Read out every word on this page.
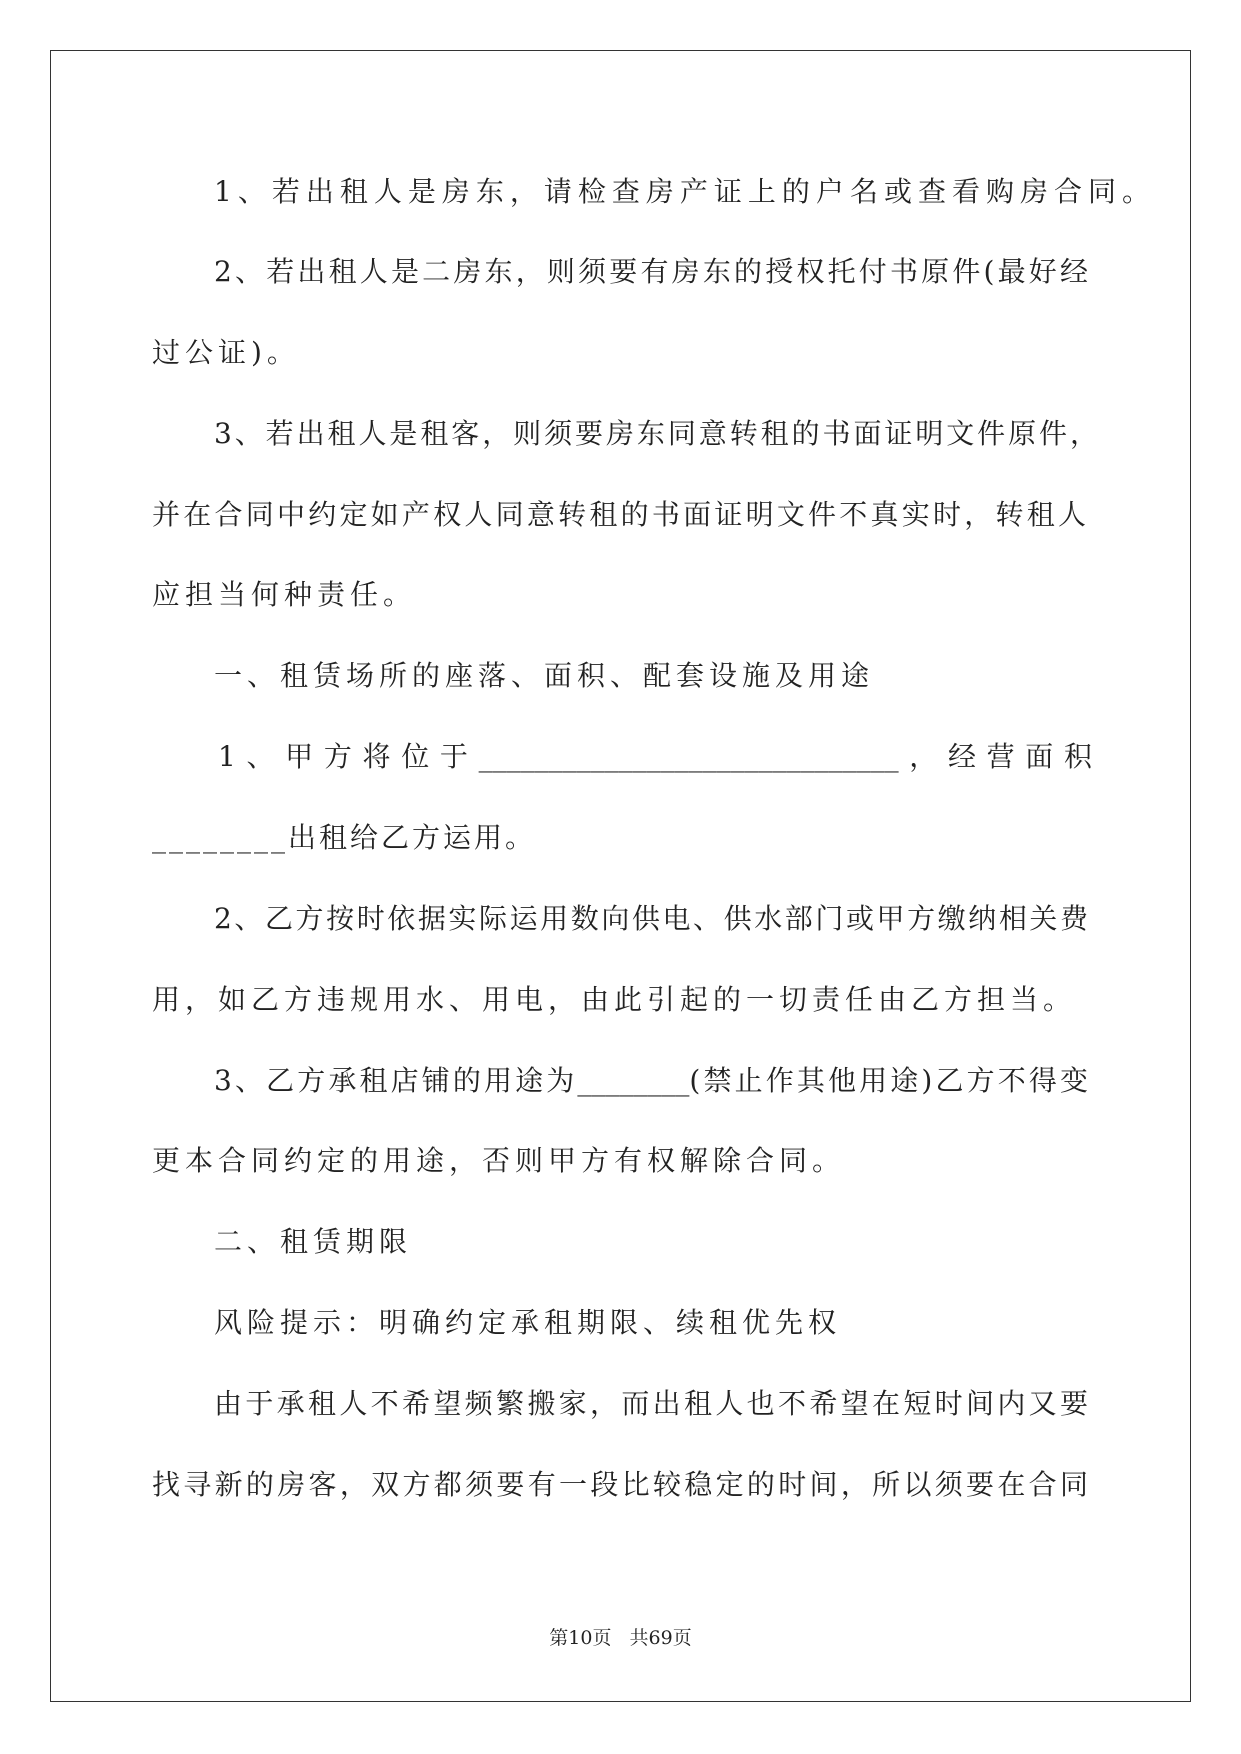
1、若出租人是房东，请检查房产证上的户名或查看购房合同。
2、若出租人是二房东，则须要有房东的授权托付书原件(最好经
过公证)。
3、若出租人是租客，则须要房东同意转租的书面证明文件原件，
并在合同中约定如产权人同意转租的书面证明文件不真实时，转租人
应担当何种责任。
一、租赁场所的座落、面积、配套设施及用途
1、甲方将位于______________________________，经营面积
________出租给乙方运用。
2、乙方按时依据实际运用数向供电、供水部门或甲方缴纳相关费
用，如乙方违规用水、用电，由此引起的一切责任由乙方担当。
3、乙方承租店铺的用途为________(禁止作其他用途)乙方不得变
更本合同约定的用途，否则甲方有权解除合同。
二、租赁期限
风险提示：明确约定承租期限、续租优先权
由于承租人不希望频繁搬家，而出租人也不希望在短时间内又要
找寻新的房客，双方都须要有一段比较稳定的时间，所以须要在合同
第10页 共69页
